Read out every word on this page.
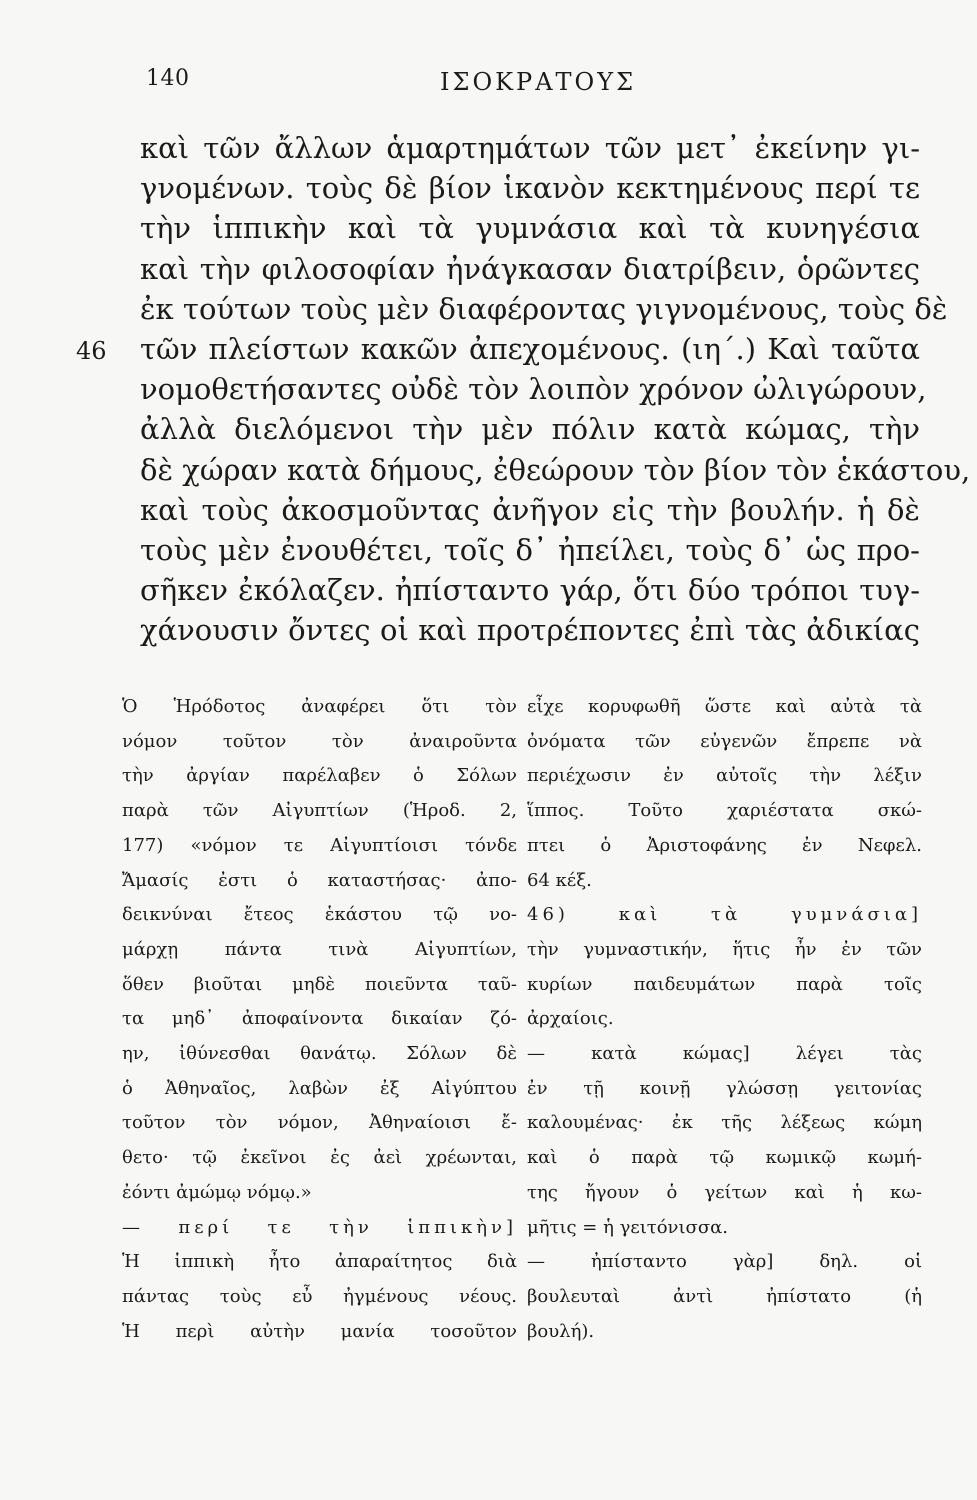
140	ΙΣΟΚΡΑΤΟΥΣ
46
καὶ τῶν ἄλλων ἁμαρτημάτων τῶν μετ᾽ ἐκείνην γι-
γνομένων. τοὺς δὲ βίον ἱκανὸν κεκτημένους περί τε
τὴν ἱππικὴν καὶ τὰ γυμνάσια καὶ τὰ κυνηγέσια
καὶ τὴν φιλοσοφίαν ἠνάγκασαν διατρίβειν, ὁρῶντες
ἐκ τούτων τοὺς μὲν διαφέροντας γιγνομένους, τοὺς δὲ
τῶν πλείστων κακῶν ἀπεχομένους. (ιη΄.) Καὶ ταῦτα
νομοθετήσαντες οὐδὲ τὸν λοιπὸν χρόνον ὠλιγώρουν,
ἀλλὰ διελόμενοι τὴν μὲν πόλιν κατὰ κώμας, τὴν
δὲ χώραν κατὰ δήμους, ἐθεώρουν τὸν βίον τὸν ἑκάστου,
καὶ τοὺς ἀκοσμοῦντας ἀνῆγον εἰς τὴν βουλήν. ἡ δὲ
τοὺς μὲν ἐνουθέτει, τοῖς δ᾽ ἠπείλει, τοὺς δ᾽ ὡς προ-
σῆκεν ἐκόλαζεν. ἠπίσταντο γάρ, ὅτι δύο τρόποι τυγ-
χάνουσιν ὄντες οἱ καὶ προτρέποντες ἐπὶ τὰς ἀδικίας
Ὁ Ἡρόδοτος ἀναφέρει ὅτι τὸν
νόμον τοῦτον τὸν ἀναιροῦντα
τὴν ἀργίαν παρέλαβεν ὁ Σόλων
παρὰ τῶν Αἰγυπτίων (Ἡροδ. 2,
177) «νόμον τε Αἰγυπτίοισι τόνδε
Ἄμασίς ἐστι ὁ καταστήσας· ἀπο-
δεικνύναι ἔτεος ἑκάστου τῷ νο-
μάρχῃ πάντα τινὰ Αἰγυπτίων,
ὅθεν βιοῦται μηδὲ ποιεῦντα ταῦ-
τα μηδ᾽ ἀποφαίνοντα δικαίαν ζό-
ην, ἰθύνεσθαι θανάτῳ. Σόλων δὲ
ὁ Ἀθηναῖος, λαβὼν ἐξ Αἰγύπτου
τοῦτον τὸν νόμον, Ἀθηναίοισι ἔ-
θετο· τῷ ἐκεῖνοι ἐς ἀεὶ χρέωνται,
ἐόντι ἀμώμῳ νόμῳ.»
— περί τε τὴν ἱππικὴν]
Ἡ ἱππικὴ ἦτο ἀπαραίτητος διὰ
πάντας τοὺς εὖ ἠγμένους νέους.
Ἡ περὶ αὐτὴν μανία τοσοῦτον
εἶχε κορυφωθῆ ὥστε καὶ αὐτὰ τὰ
ὀνόματα τῶν εὐγενῶν ἔπρεπε νὰ
περιέχωσιν ἐν αὐτοῖς τὴν λέξιν
ἵππος. Τοῦτο χαριέστατα σκώ-
πτει ὁ Ἀριστοφάνης ἐν Νεφελ.
64 κέξ.
46) καὶ τὰ γυμνάσια]
τὴν γυμναστικήν, ἥτις ἦν ἐν τῶν
κυρίων παιδευμάτων παρὰ τοῖς
ἀρχαίοις.
— κατὰ κώμας] λέγει τὰς
ἐν τῇ κοινῇ γλώσσῃ γειτονίας
καλουμένας· ἐκ τῆς λέξεως κώμη
καὶ ὁ παρὰ τῷ κωμικῷ κωμή-
της ἤγουν ὁ γείτων καὶ ἡ κω-
μῆτις = ἡ γειτόνισσα.
— ἠπίσταντο γὰρ] δηλ. οἱ
βουλευταὶ ἀντὶ ἠπίστατο (ἡ
βουλή).
